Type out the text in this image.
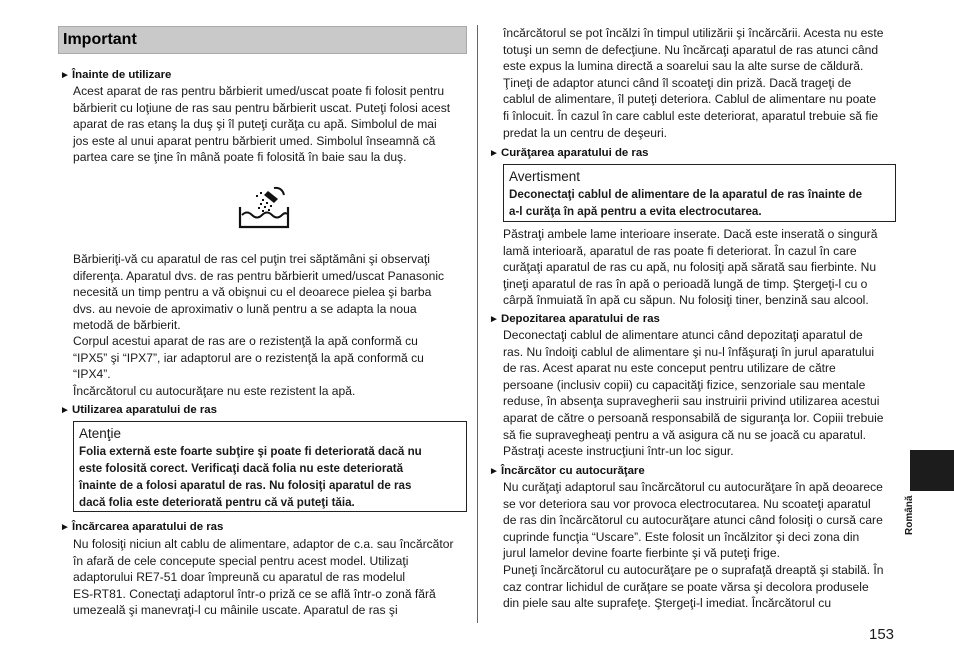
Important
► Înainte de utilizare
Acest aparat de ras pentru bărbierit umed/uscat poate fi folosit pentru
bărbierit cu loţiune de ras sau pentru bărbierit uscat. Puteţi folosi acest
aparat de ras etanş la duş şi îl puteţi curăţa cu apă. Simbolul de mai
jos este al unui aparat pentru bărbierit umed. Simbolul înseamnă că
partea care se ţine în mână poate fi folosită în baie sau la duş.
Bărbieriţi-vă cu aparatul de ras cel puţin trei săptămâni şi observaţi
diferenţa. Aparatul dvs. de ras pentru bărbierit umed/uscat Panasonic
necesită un timp pentru a vă obişnui cu el deoarece pielea şi barba
dvs. au nevoie de aproximativ o lună pentru a se adapta la noua
metodă de bărbierit.
Corpul acestui aparat de ras are o rezistenţă la apă conformă cu
“IPX5” şi “IPX7”, iar adaptorul are o rezistenţă la apă conformă cu
“IPX4”.
Încărcătorul cu autocurăţare nu este rezistent la apă.
► Utilizarea aparatului de ras
Atenţie
Folia externă este foarte subţire şi poate fi deteriorată dacă nu
este folosită corect. Verificaţi dacă folia nu este deteriorată
înainte de a folosi aparatul de ras. Nu folosiţi aparatul de ras
dacă folia este deteriorată pentru că vă puteţi tăia.
► Încărcarea aparatului de ras
Nu folosiţi niciun alt cablu de alimentare, adaptor de c.a. sau încărcător
în afară de cele concepute special pentru acest model. Utilizaţi
adaptorului RE7-51 doar împreună cu aparatul de ras modelul
ES-RT81. Conectaţi adaptorul într-o priză ce se află într-o zonă fără
umezeală şi manevraţi-l cu mâinile uscate. Aparatul de ras şi
încărcătorul se pot încălzi în timpul utilizării şi încărcării. Acesta nu este
totuşi un semn de defecţiune. Nu încărcaţi aparatul de ras atunci când
este expus la lumina directă a soarelui sau la alte surse de căldură.
Ţineţi de adaptor atunci când îl scoateţi din priză. Dacă trageţi de
cablul de alimentare, îl puteţi deteriora. Cablul de alimentare nu poate
fi înlocuit. În cazul în care cablul este deteriorat, aparatul trebuie să fie
predat la un centru de deşeuri.
► Curăţarea aparatului de ras
Avertisment
Deconectaţi cablul de alimentare de la aparatul de ras înainte de
a-l curăţa în apă pentru a evita electrocutarea.
Păstraţi ambele lame interioare inserate. Dacă este inserată o singură
lamă interioară, aparatul de ras poate fi deteriorat. În cazul în care
curăţaţi aparatul de ras cu apă, nu folosiţi apă sărată sau fierbinte. Nu
ţineţi aparatul de ras în apă o perioadă lungă de timp. Ştergeţi-l cu o
cârpă înmuiată în apă cu săpun. Nu folosiţi tiner, benzină sau alcool.
► Depozitarea aparatului de ras
Deconectaţi cablul de alimentare atunci când depozitaţi aparatul de
ras. Nu îndoiţi cablul de alimentare şi nu-l înfăşuraţi în jurul aparatului
de ras. Acest aparat nu este conceput pentru utilizare de către
persoane (inclusiv copii) cu capacităţi fizice, senzoriale sau mentale
reduse, în absenţa supravegherii sau instruirii privind utilizarea acestui
aparat de către o persoană responsabilă de siguranţa lor. Copiii trebuie
să fie supravegheaţi pentru a vă asigura că nu se joacă cu aparatul.
Păstraţi aceste instrucţiuni într-un loc sigur.
► Încărcător cu autocurăţare
Nu curăţaţi adaptorul sau încărcătorul cu autocurăţare în apă deoarece
se vor deteriora sau vor provoca electrocutarea. Nu scoateţi aparatul
de ras din încărcătorul cu autocurăţare atunci când folosiţi o cursă care
cuprinde funcţia “Uscare”. Este folosit un încălzitor şi deci zona din
jurul lamelor devine foarte fierbinte şi vă puteţi frige.
Puneţi încărcătorul cu autocurăţare pe o suprafaţă dreaptă şi stabilă. În
caz contrar lichidul de curăţare se poate vărsa şi decolora produsele
din piele sau alte suprafeţe. Ştergeţi-l imediat. Încărcătorul cu
Română
153
